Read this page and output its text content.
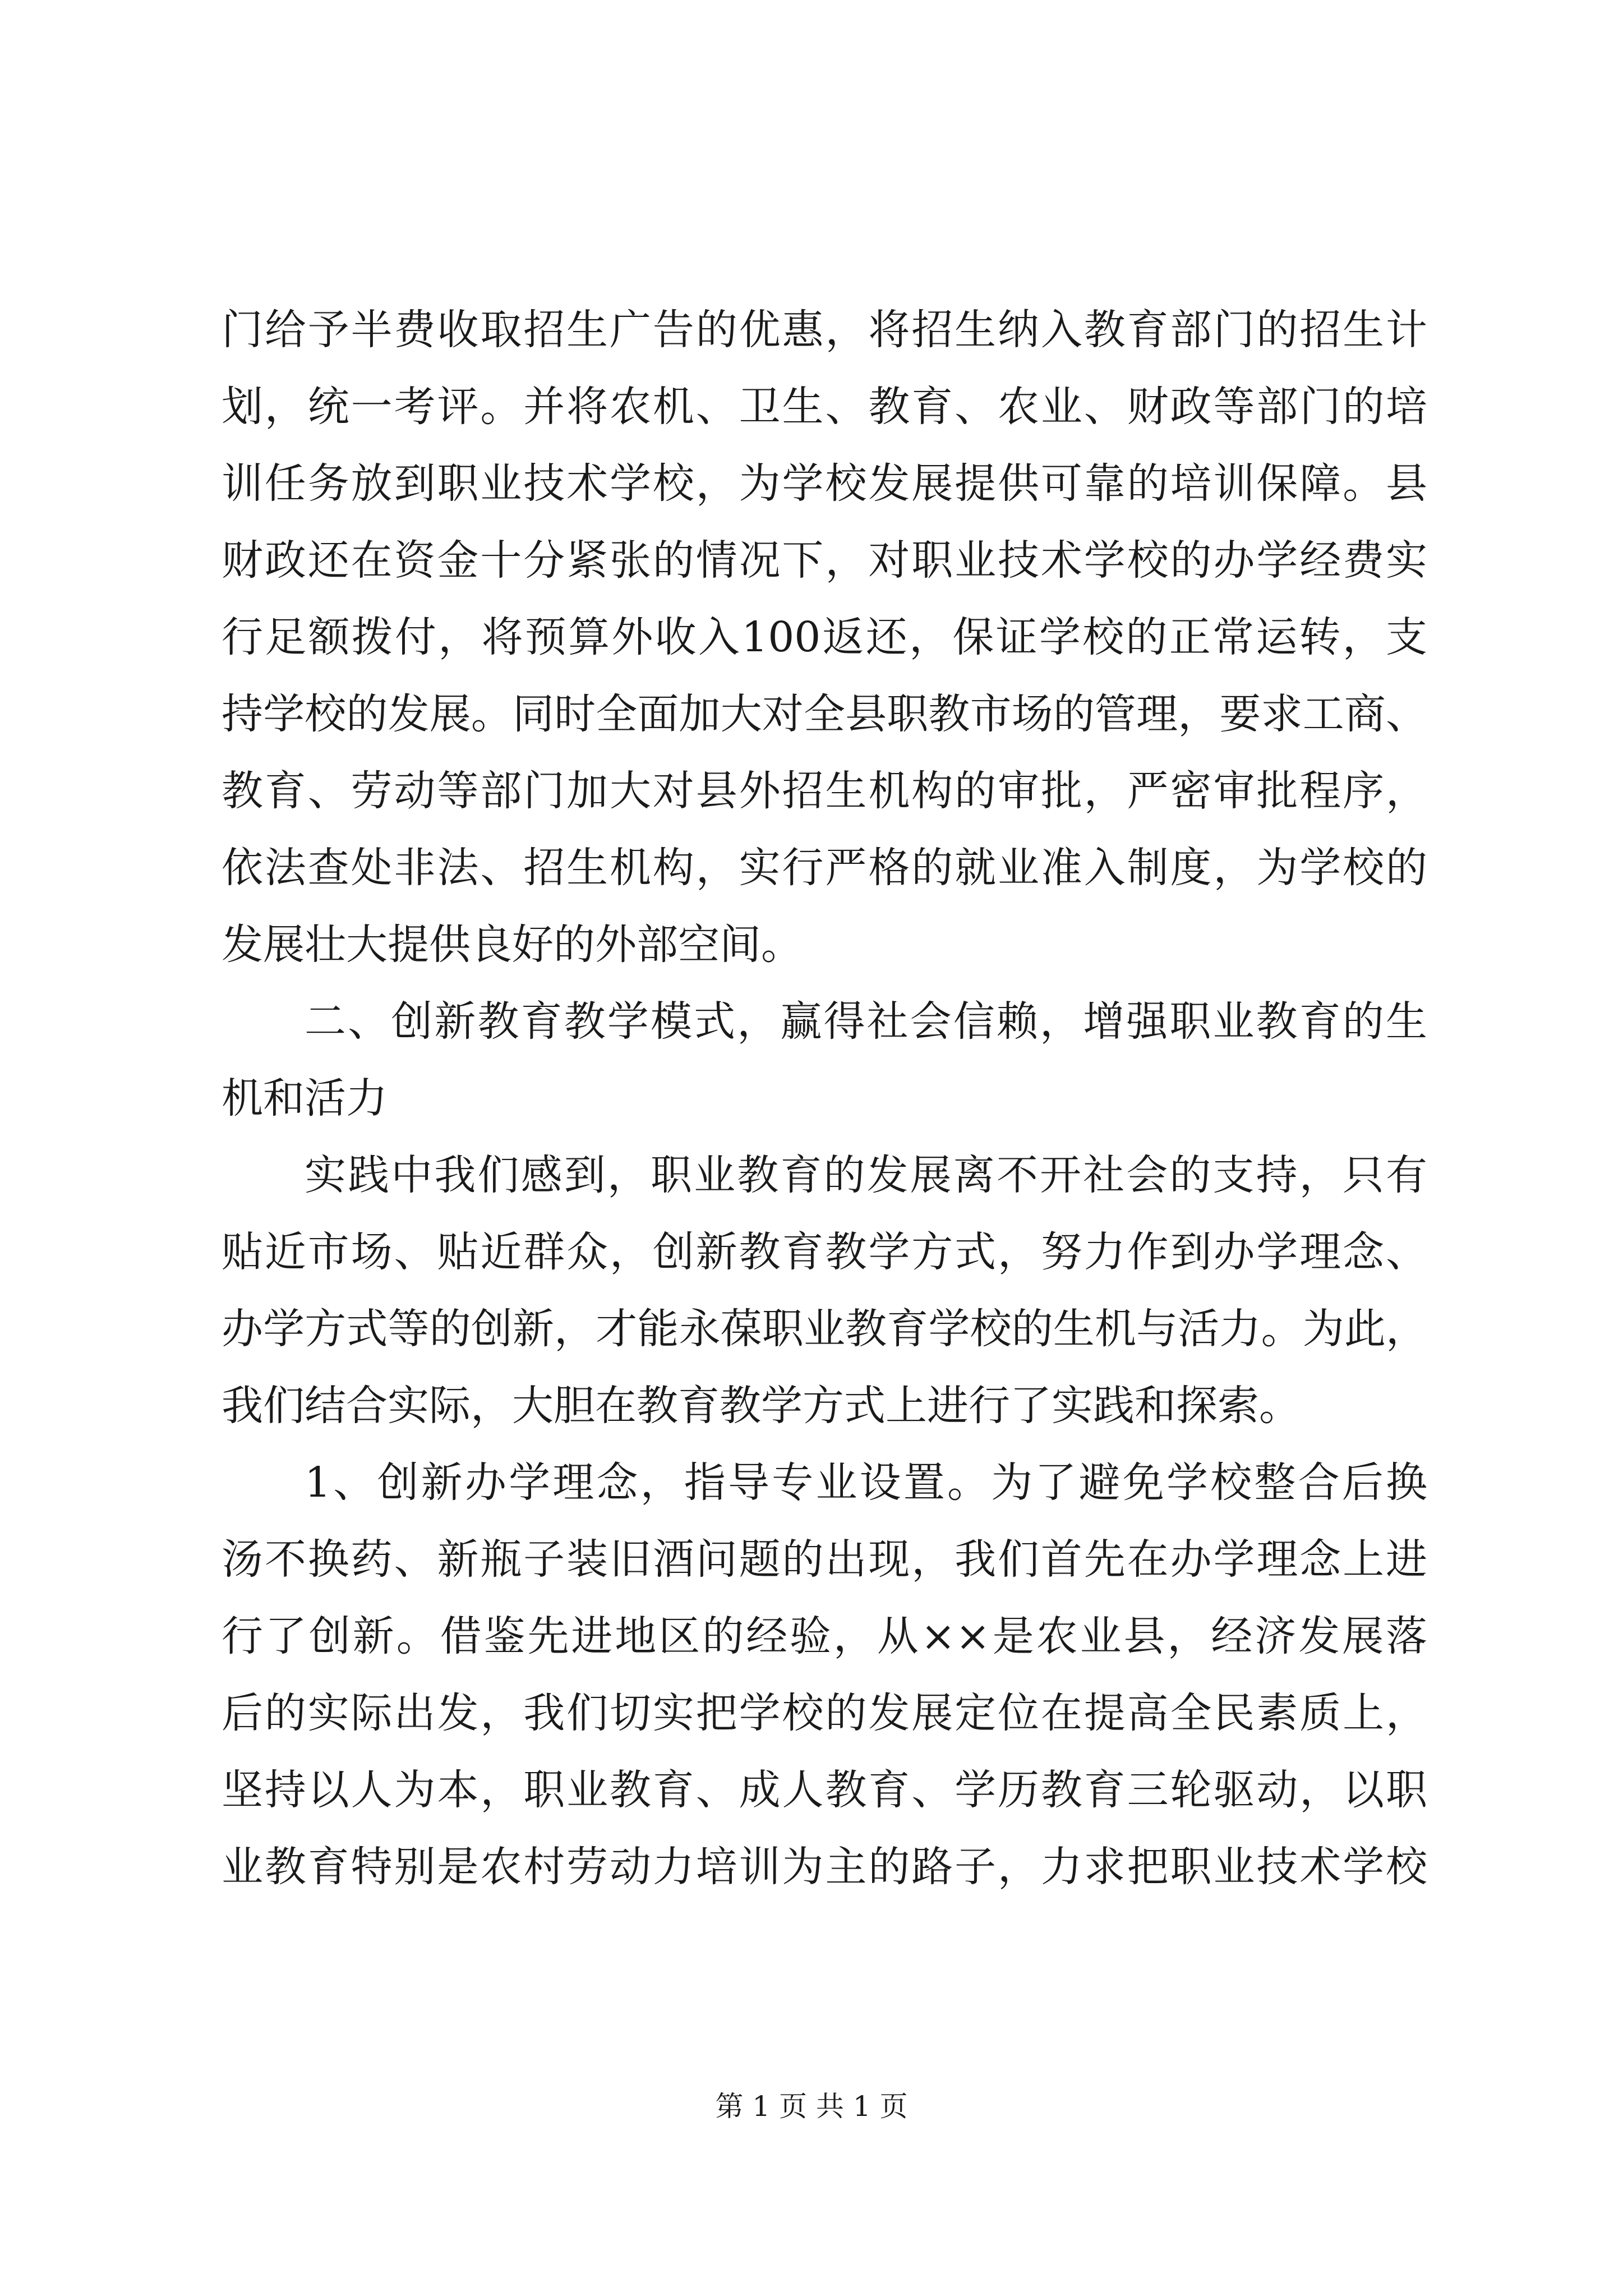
门给予半费收取招生广告的优惠，将招生纳入教育部门的招生计
划，统一考评。并将农机、卫生、教育、农业、财政等部门的培
训任务放到职业技术学校，为学校发展提供可靠的培训保障。县
财政还在资金十分紧张的情况下，对职业技术学校的办学经费实
行足额拨付，将预算外收入100返还，保证学校的正常运转，支
持学校的发展。同时全面加大对全县职教市场的管理，要求工商、
教育、劳动等部门加大对县外招生机构的审批，严密审批程序，
依法查处非法、招生机构，实行严格的就业准入制度，为学校的
发展壮大提供良好的外部空间。
二、创新教育教学模式，赢得社会信赖，增强职业教育的生
机和活力
实践中我们感到，职业教育的发展离不开社会的支持，只有
贴近市场、贴近群众，创新教育教学方式，努力作到办学理念、
办学方式等的创新，才能永葆职业教育学校的生机与活力。为此，
我们结合实际，大胆在教育教学方式上进行了实践和探索。
1、创新办学理念，指导专业设置。为了避免学校整合后换
汤不换药、新瓶子装旧酒问题的出现，我们首先在办学理念上进
行了创新。借鉴先进地区的经验，从××是农业县，经济发展落
后的实际出发，我们切实把学校的发展定位在提高全民素质上，
坚持以人为本，职业教育、成人教育、学历教育三轮驱动，以职
业教育特别是农村劳动力培训为主的路子，力求把职业技术学校
第 1 页 共 1 页
